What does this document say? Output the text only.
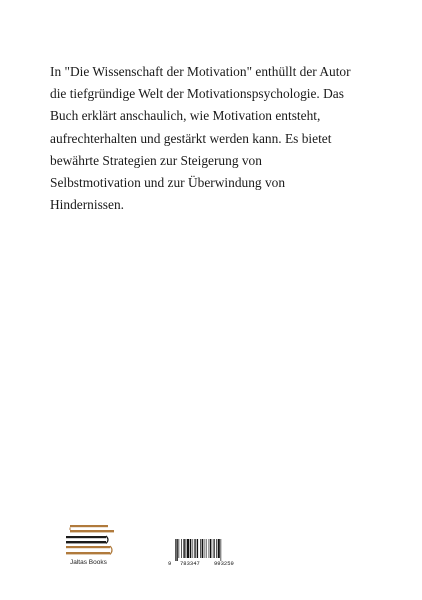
In "Die Wissenschaft der Motivation" enthüllt der Autor
die tiefgründige Welt der Motivationspsychologie. Das
Buch erklärt anschaulich, wie Motivation entsteht,
aufrechterhalten und gestärkt werden kann. Es bietet
bewährte Strategien zur Steigerung von
Selbstmotivation und zur Überwindung von
Hindernissen.
Jaltas Books	9 783347	993259
